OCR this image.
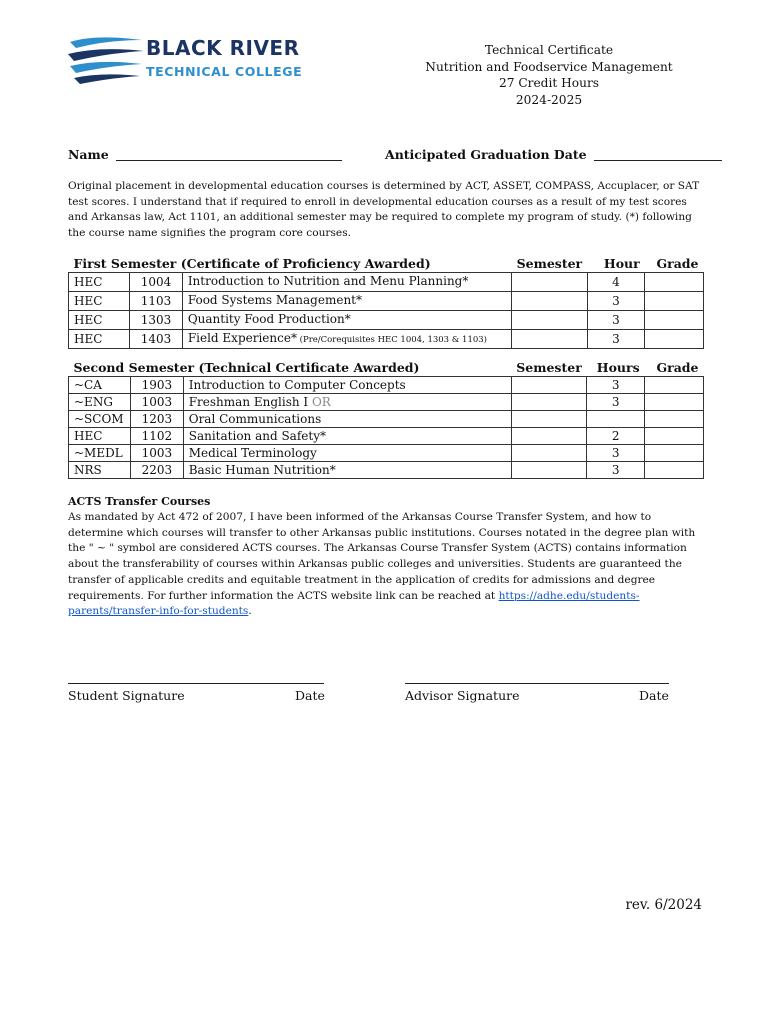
BLACK RIVER
TECHNICAL COLLEGE
Technical Certificate
Nutrition and Foodservice Management
27 Credit Hours
2024-2025
Name	Anticipated Graduation Date
Original placement in developmental education courses is determined by ACT, ASSET, COMPASS, Accuplacer, or SAT test scores. I understand that if required to enroll in developmental education courses as a result of my test scores and Arkansas law, Act 1101, an additional semester may be required to complete my program of study. (*) following the course name signifies the program core courses.
First Semester (Certificate of Proficiency Awarded)			Semester	Hour	Grade
HEC	1004	Introduction to Nutrition and Menu Planning*		4	
HEC	1103	Food Systems Management*		3	
HEC	1303	Quantity Food Production*		3	
HEC	1403	Field Experience* (Pre/Corequisites HEC 1004, 1303 & 1103)		3	
Second Semester (Technical Certificate Awarded)			Semester	Hours	Grade
~CA	1903	Introduction to Computer Concepts		3	
~ENG	1003	Freshman English I OR		3	
~SCOM	1203	Oral Communications			
HEC	1102	Sanitation and Safety*		2	
~MEDL	1003	Medical Terminology		3	
NRS	2203	Basic Human Nutrition*		3	
ACTS Transfer Courses
As mandated by Act 472 of 2007, I have been informed of the Arkansas Course Transfer System, and how to determine which courses will transfer to other Arkansas public institutions. Courses notated in the degree plan with the " ~ " symbol are considered ACTS courses. The Arkansas Course Transfer System (ACTS) contains information about the transferability of courses within Arkansas public colleges and universities. Students are guaranteed the transfer of applicable credits and equitable treatment in the application of credits for admissions and degree requirements. For further information the ACTS website link can be reached at https://adhe.edu/students-parents/transfer-info-for-students.
Student Signature	Date	Advisor Signature	Date
rev. 6/2024
